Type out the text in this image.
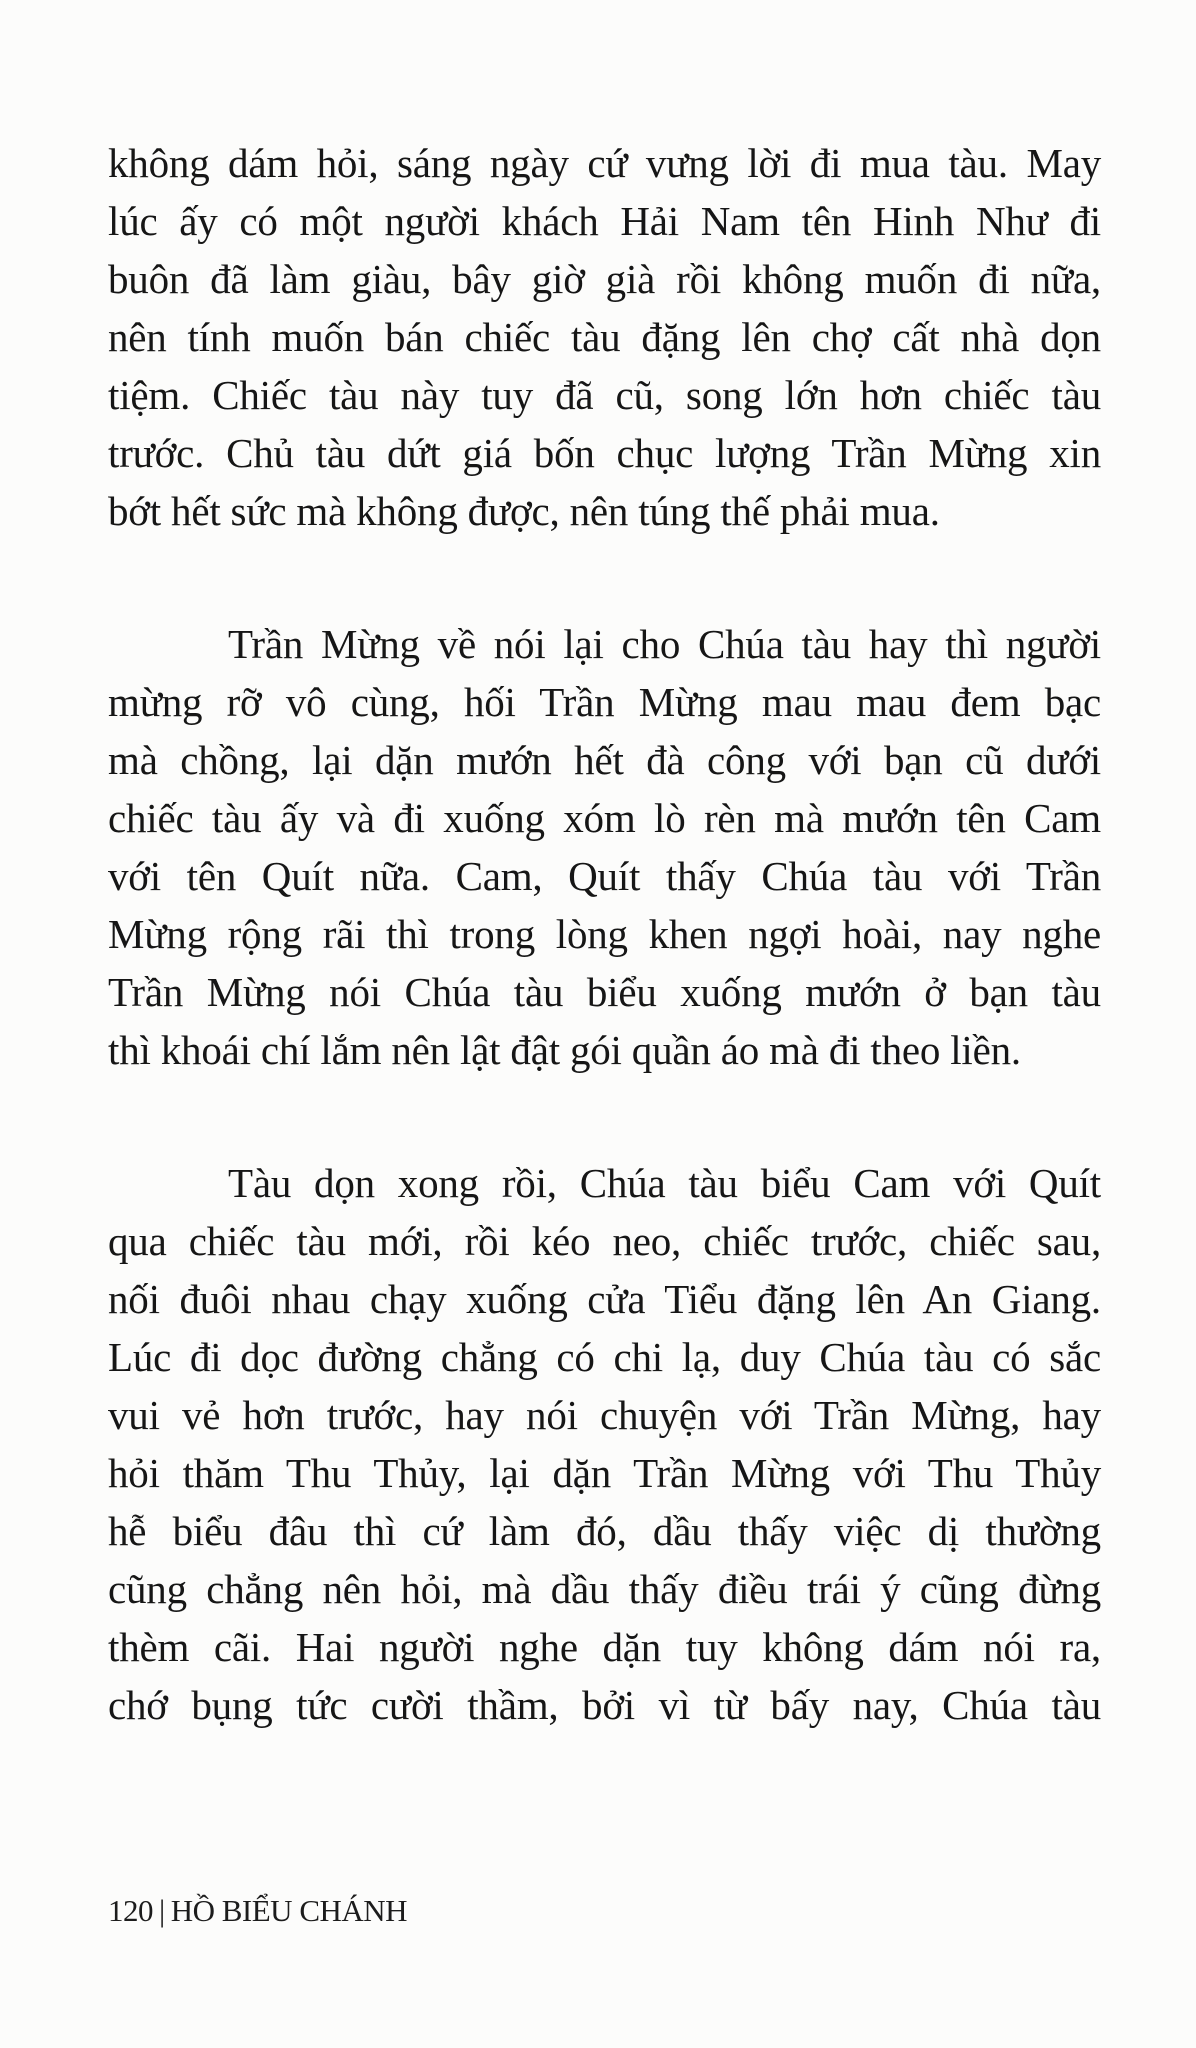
không dám hỏi, sáng ngày cứ vưng lời đi mua tàu. May
lúc ấy có một người khách Hải Nam tên Hinh Như đi
buôn đã làm giàu, bây giờ già rồi không muốn đi nữa,
nên tính muốn bán chiếc tàu đặng lên chợ cất nhà dọn
tiệm. Chiếc tàu này tuy đã cũ, song lớn hơn chiếc tàu
trước. Chủ tàu dứt giá bốn chục lượng Trần Mừng xin
bớt hết sức mà không được, nên túng thế phải mua.
Trần Mừng về nói lại cho Chúa tàu hay thì người
mừng rỡ vô cùng, hối Trần Mừng mau mau đem bạc
mà chồng, lại dặn mướn hết đà công với bạn cũ dưới
chiếc tàu ấy và đi xuống xóm lò rèn mà mướn tên Cam
với tên Quít nữa. Cam, Quít thấy Chúa tàu với Trần
Mừng rộng rãi thì trong lòng khen ngợi hoài, nay nghe
Trần Mừng nói Chúa tàu biểu xuống mướn ở bạn tàu
thì khoái chí lắm nên lật đật gói quần áo mà đi theo liền.
Tàu dọn xong rồi, Chúa tàu biểu Cam với Quít
qua chiếc tàu mới, rồi kéo neo, chiếc trước, chiếc sau,
nối đuôi nhau chạy xuống cửa Tiểu đặng lên An Giang.
Lúc đi dọc đường chẳng có chi lạ, duy Chúa tàu có sắc
vui vẻ hơn trước, hay nói chuyện với Trần Mừng, hay
hỏi thăm Thu Thủy, lại dặn Trần Mừng với Thu Thủy
hễ biểu đâu thì cứ làm đó, dầu thấy việc dị thường
cũng chẳng nên hỏi, mà dầu thấy điều trái ý cũng đừng
thèm cãi. Hai người nghe dặn tuy không dám nói ra,
chớ bụng tức cười thầm, bởi vì từ bấy nay, Chúa tàu
120 | HỒ BIỂU CHÁNH
